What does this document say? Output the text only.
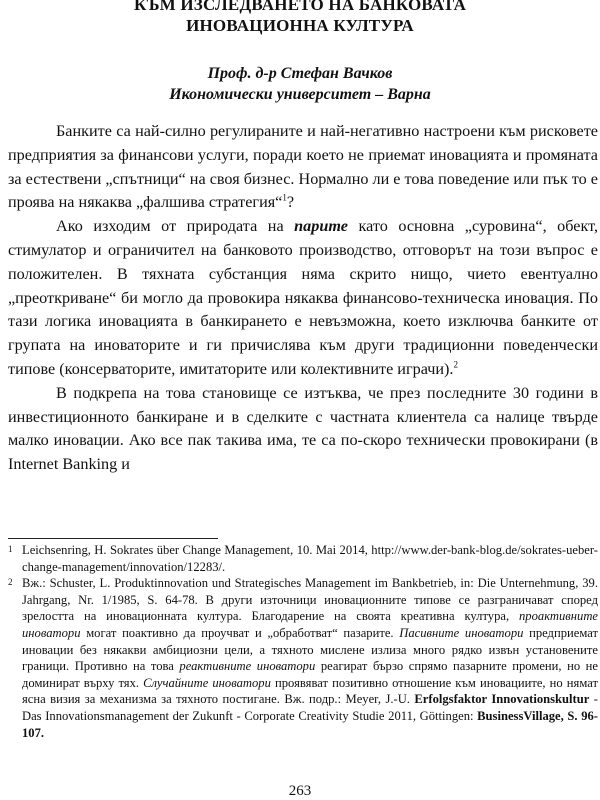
КЪМ ИЗСЛЕДВАНЕТО НА БАНКОВАТА
ИНОВАЦИОННА КУЛТУРА
Проф. д-р Стефан Вачков
Икономически университет – Варна

Банките са най-силно регулираните и най-негативно настроени към рисковете предприятия за финансови услуги, поради което не приемат иновацията и промяната за естествени „спътници“ на своя бизнес. Нормално ли е това поведение или пък то е проява на някаква „фалшива стратегия“$^1$?

Ако изходим от природата на парите като основна „суровина“, обект, стимулатор и ограничител на банковото производство, отговорът на този въпрос е положителен. В тяхната субстанция няма скрито нищо, чието евентуално „преоткриване“ би могло да провокира някаква финансово-техническа иновация. По тази логика иновацията в банкирането е невъзможна, което изключва банките от групата на иноваторите и ги причислява към други традиционни поведенчески типове (консерваторите, имитаторите или колективните играчи).$^2$

В подкрепа на това становище се изтъква, че през последните 30 години в инвестиционното банкиране и в сделките с частната клиентела са налице твърде малко иновации. Ако все пак такива има, те са по-скоро технически провокирани (в Internet Banking и

1 Leichsenring, H. Sokrates über Change Management, 10. Mai 2014, http://www.der-bank-blog.de/sokrates-ueber-change-management/innovation/12283/.

2 Вж.: Schuster, L. Produktinnovation und Strategisches Management im Bankbetrieb, in: Die Unternehmung, 39. Jahrgang, Nr. 1/1985, S. 64-78. В други източници иновационните типове се разграничават според зрелостта на иновационната култура. Благодарение на своята креативна култура, проактивните иноватори могат поактивно да проучват и „обработват“ пазарите. Пасивните иноватори предприемат иновации без някакви амбициозни цели, а тяхното мислене излиза много рядко извън установените граници. Противно на това реактивните иноватори реагират бързо спрямо пазарните промени, но не доминират върху тях. Случайните иноватори проявяват позитивно отношение към иновациите, но нямат ясна визия за механизма за тяхното постигане. Вж. подр.: Meyer, J.-U. Erfolgsfaktor Innovationskultur - Das Innovationsmanagement der Zukunft - Corporate Creativity Studie 2011, Göttingen: BusinessVillage, S. 96-107.

263
